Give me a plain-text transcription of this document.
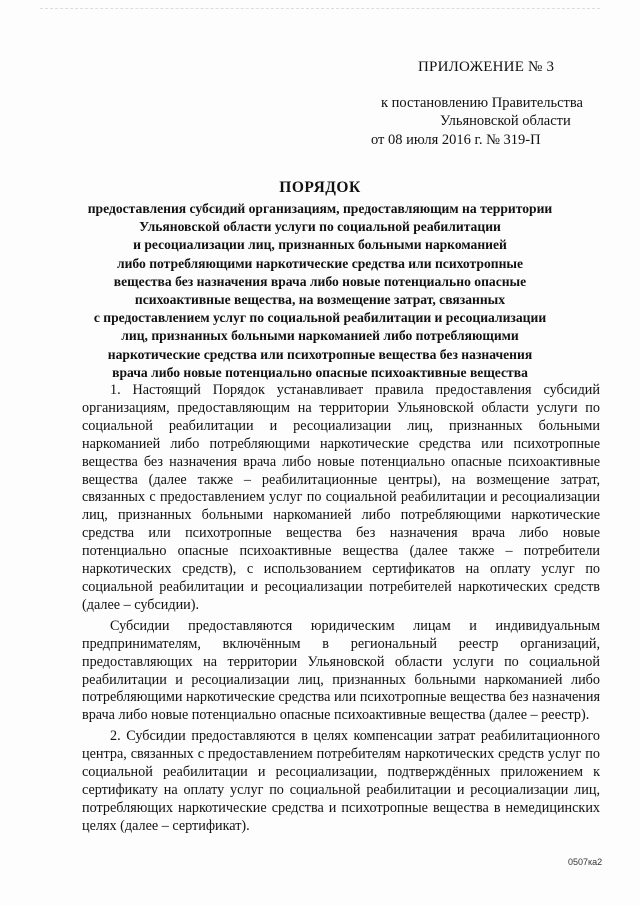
ПРИЛОЖЕНИЕ № 3
к постановлению Правительства
Ульяновской области
от 08 июля 2016 г. № 319-П
ПОРЯДОК
предоставления субсидий организациям, предоставляющим на территории
Ульяновской области услуги по социальной реабилитации
и ресоциализации лиц, признанных больными наркоманией
либо потребляющими наркотические средства или психотропные
вещества без назначения врача либо новые потенциально опасные
психоактивные вещества, на возмещение затрат, связанных
с предоставлением услуг по социальной реабилитации и ресоциализации
лиц, признанных больными наркоманией либо потребляющими
наркотические средства или психотропные вещества без назначения
врача либо новые потенциально опасные психоактивные вещества

1. Настоящий Порядок устанавливает правила предоставления субсидий организациям, предоставляющим на территории Ульяновской области услуги по социальной реабилитации и ресоциализации лиц, признанных больными наркоманией либо потребляющими наркотические средства или психотропные вещества без назначения врача либо новые потенциально опасные психоактивные вещества (далее также – реабилитационные центры), на возмещение затрат, связанных с предоставлением услуг по социальной реабилитации и ресоциализации лиц, признанных больными наркоманией либо потребляющими наркотические средства или психотропные вещества без назначения врача либо новые потенциально опасные психоактивные вещества (далее также – потребители наркотических средств), с использованием сертификатов на оплату услуг по социальной реабилитации и ресоциализации потребителей наркотических средств (далее – субсидии).

Субсидии предоставляются юридическим лицам и индивидуальным предпринимателям, включённым в региональный реестр организаций, предоставляющих на территории Ульяновской области услуги по социальной реабилитации и ресоциализации лиц, признанных больными наркоманией либо потребляющими наркотические средства или психотропные вещества без назначения врача либо новые потенциально опасные психоактивные вещества (далее – реестр).

2. Субсидии предоставляются в целях компенсации затрат реабилитационного центра, связанных с предоставлением потребителям наркотических средств услуг по социальной реабилитации и ресоциализации, подтверждённых приложением к сертификату на оплату услуг по социальной реабилитации и ресоциализации лиц, потребляющих наркотические средства и психотропные вещества в немедицинских целях (далее – сертификат).

0507ка2
